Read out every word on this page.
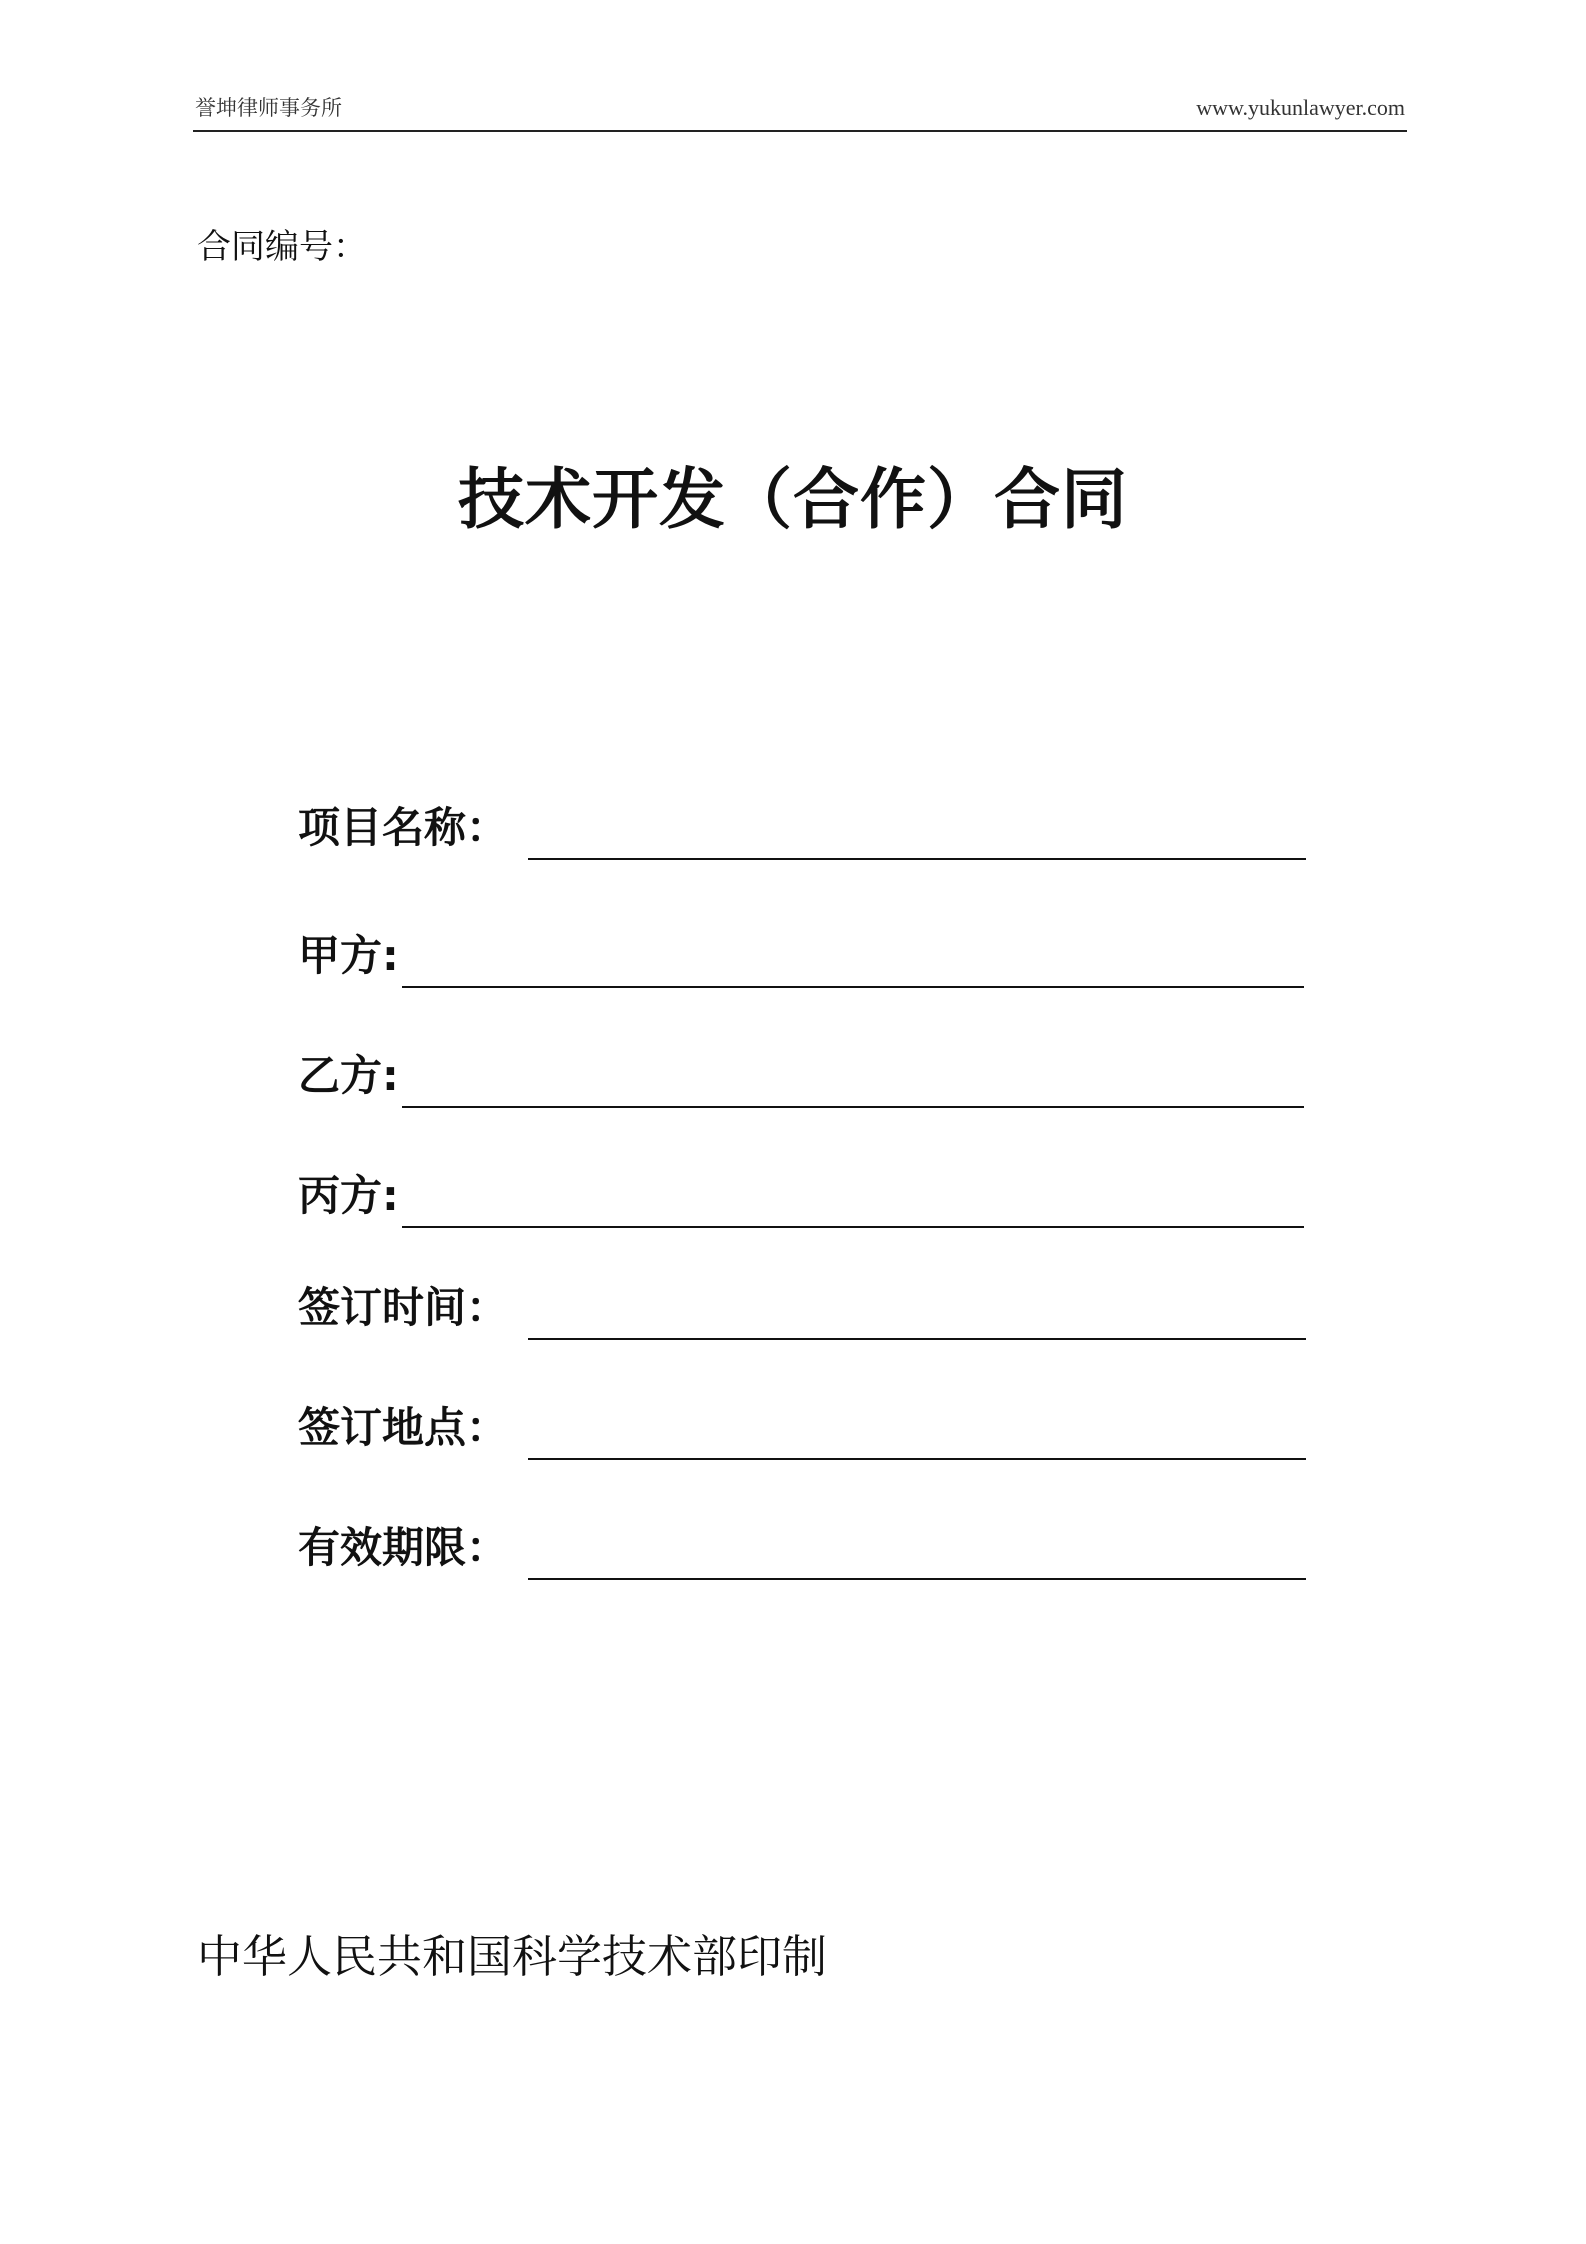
誉坤律师事务所	www.yukunlawyer.com
合同编号：
技术开发（合作）合同
项目名称：
甲方:
乙方:
丙方:
签订时间：
签订地点：
有效期限：
中华人民共和国科学技术部印制
